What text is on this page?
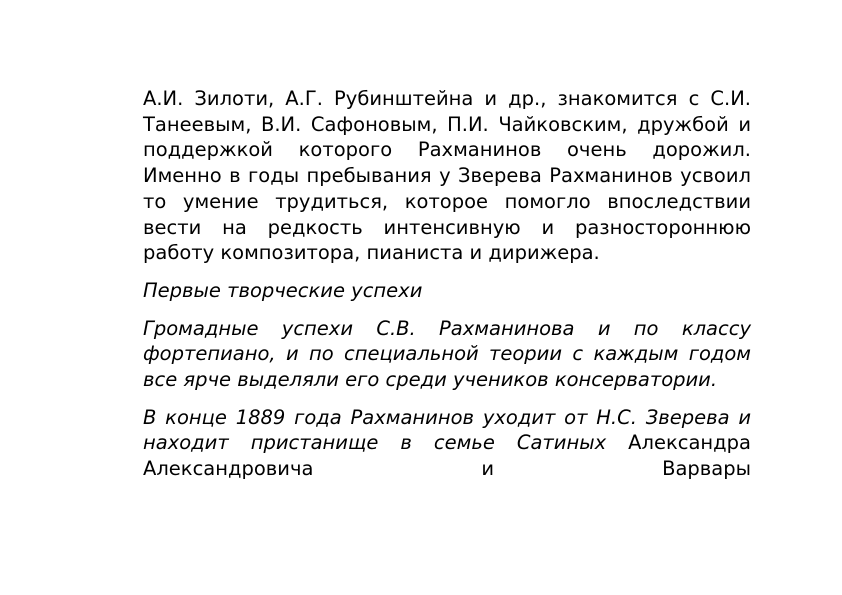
А.И. Зилоти, А.Г. Рубинштейна и др., знакомится с С.И. Танеевым, В.И. Сафоновым, П.И. Чайковским, дружбой и поддержкой которого Рахманинов очень дорожил. Именно в годы пребывания у Зверева Рахманинов усвоил то умение трудиться, которое помогло впоследствии вести на редкость интенсивную и разностороннюю работу композитора, пианиста и дирижера.

Первые творческие успехи

Громадные успехи С.В. Рахманинова и по классу фортепиано, и по специальной теории с каждым годом все ярче выделяли его среди учеников консерватории.

В конце 1889 года Рахманинов уходит от Н.С. Зверева и находит пристанище в семье Сатиных Александра Александровича и Варвары
